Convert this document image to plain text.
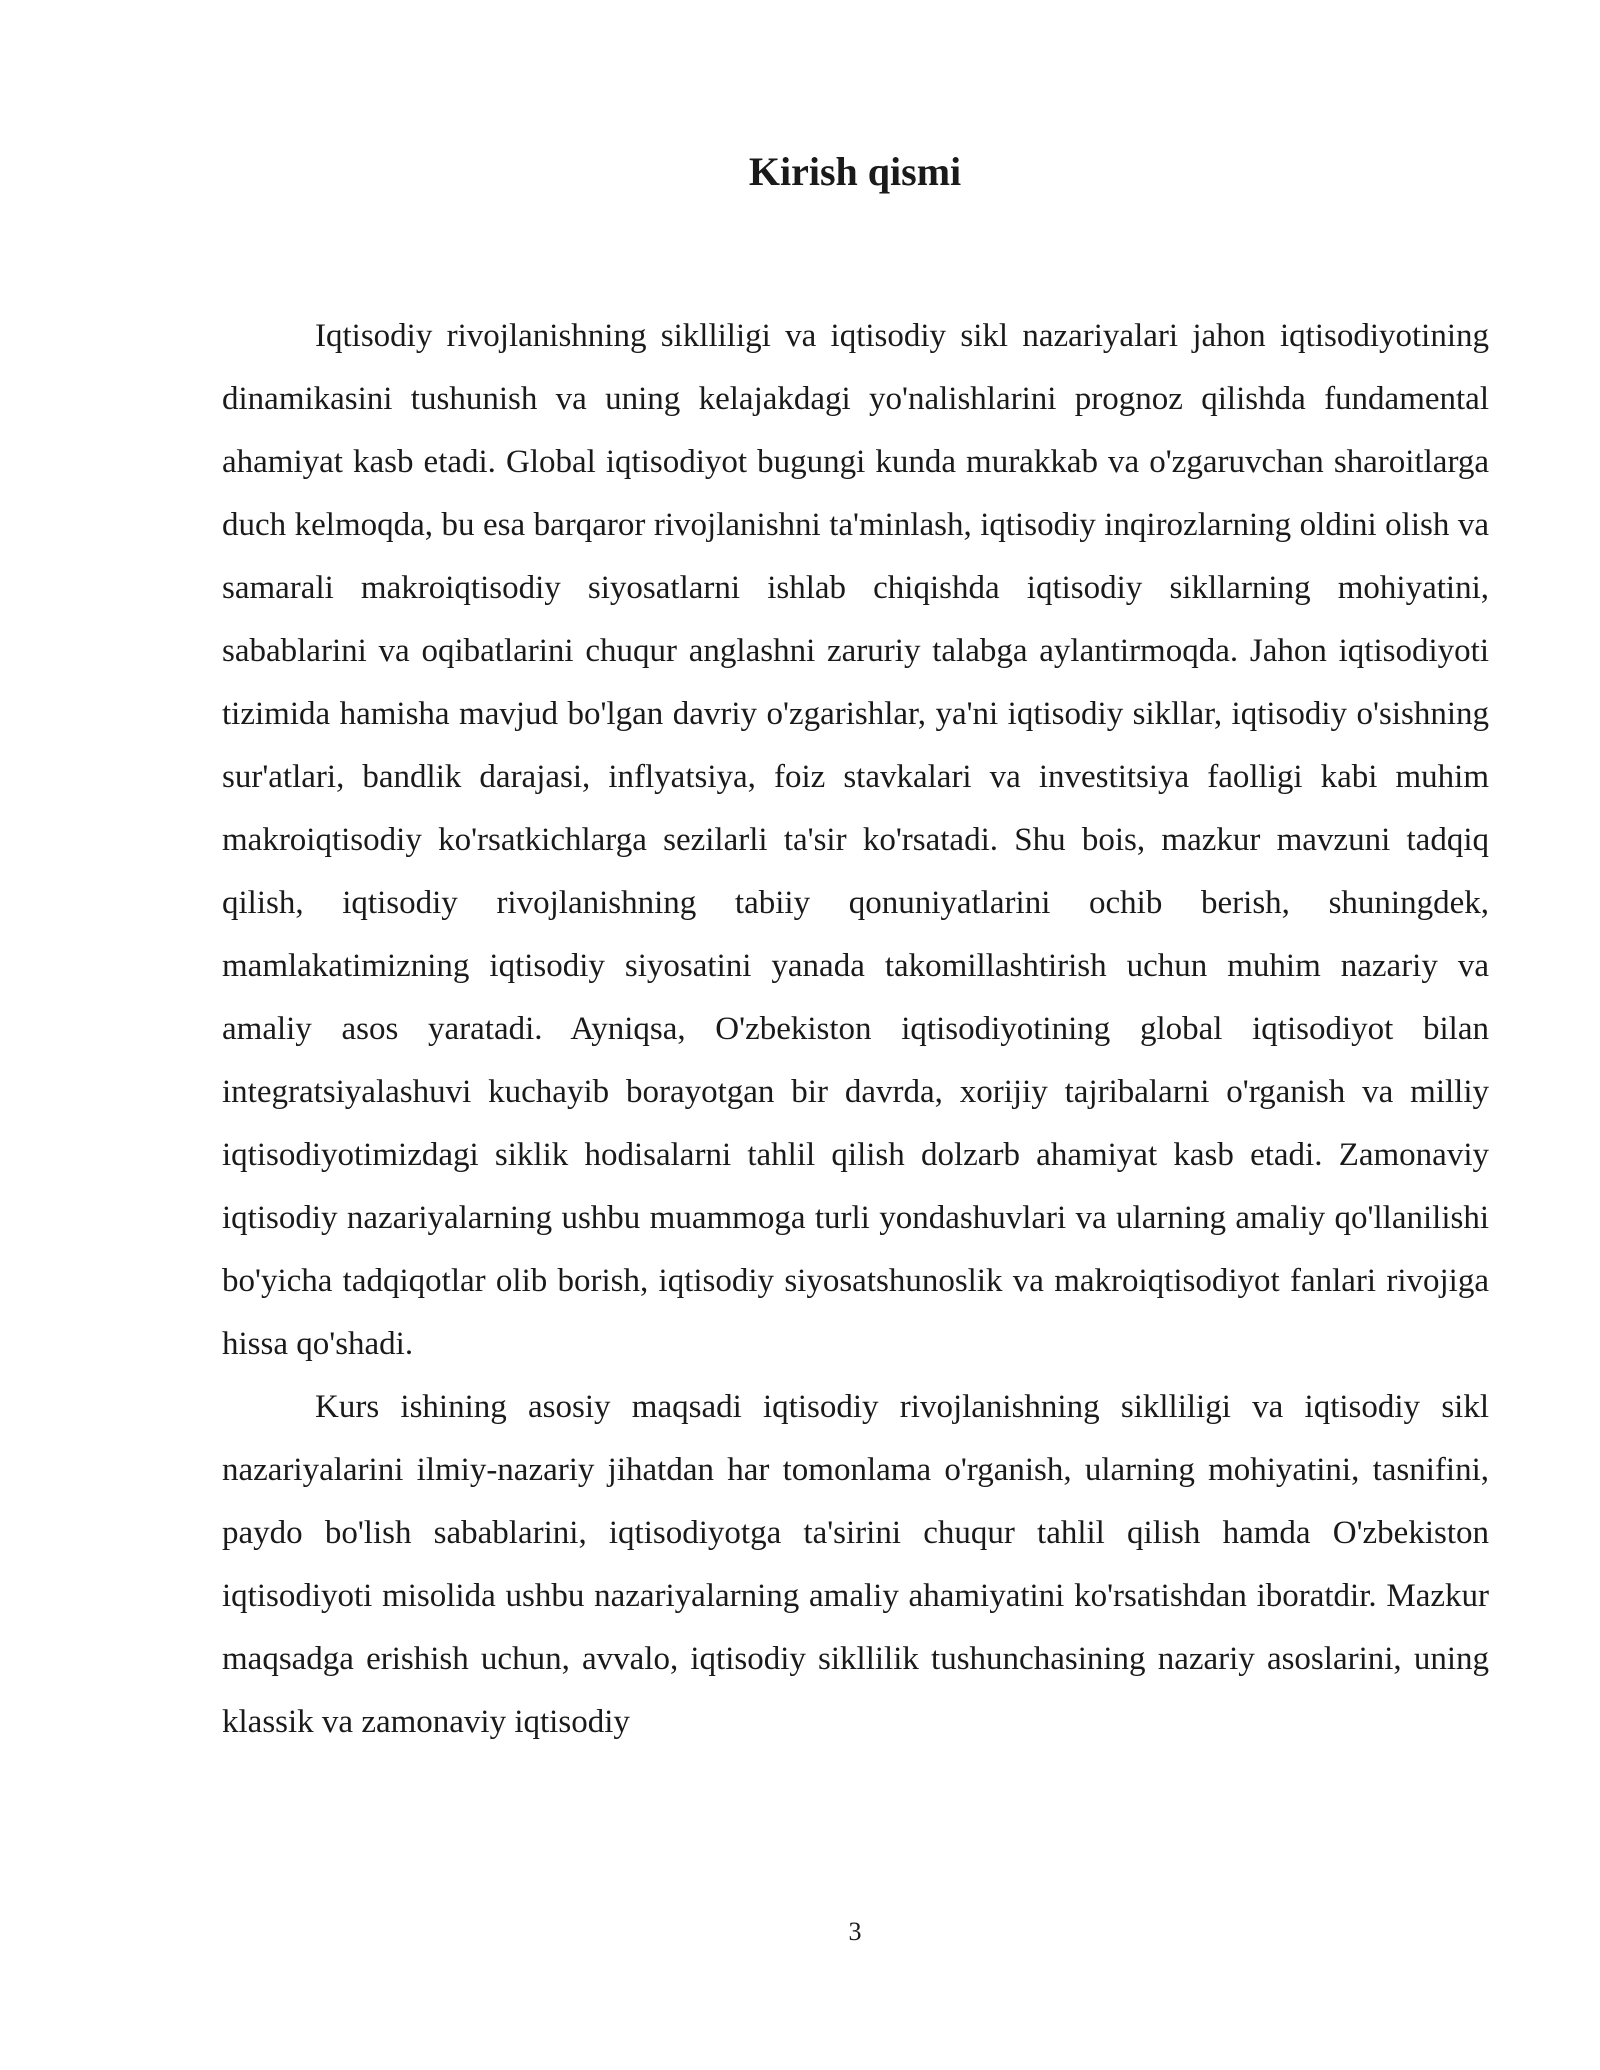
Kirish qismi

Iqtisodiy rivojlanishning siklliligi va iqtisodiy sikl nazariyalari jahon iqtisodiyotining dinamikasini tushunish va uning kelajakdagi yo'nalishlarini prognoz qilishda fundamental ahamiyat kasb etadi. Global iqtisodiyot bugungi kunda murakkab va o'zgaruvchan sharoitlarga duch kelmoqda, bu esa barqaror rivojlanishni ta'minlash, iqtisodiy inqirozlarning oldini olish va samarali makroiqtisodiy siyosatlarni ishlab chiqishda iqtisodiy sikllarning mohiyatini, sabablarini va oqibatlarini chuqur anglashni zaruriy talabga aylantirmoqda. Jahon iqtisodiyoti tizimida hamisha mavjud bo'lgan davriy o'zgarishlar, ya'ni iqtisodiy sikllar, iqtisodiy o'sishning sur'atlari, bandlik darajasi, inflyatsiya, foiz stavkalari va investitsiya faolligi kabi muhim makroiqtisodiy ko'rsatkichlarga sezilarli ta'sir ko'rsatadi. Shu bois, mazkur mavzuni tadqiq qilish, iqtisodiy rivojlanishning tabiiy qonuniyatlarini ochib berish, shuningdek, mamlakatimizning iqtisodiy siyosatini yanada takomillashtirish uchun muhim nazariy va amaliy asos yaratadi. Ayniqsa, O'zbekiston iqtisodiyotining global iqtisodiyot bilan integratsiyalashuvi kuchayib borayotgan bir davrda, xorijiy tajribalarni o'rganish va milliy iqtisodiyotimizdagi siklik hodisalarni tahlil qilish dolzarb ahamiyat kasb etadi. Zamonaviy iqtisodiy nazariyalarning ushbu muammoga turli yondashuvlari va ularning amaliy qo'llanilishi bo'yicha tadqiqotlar olib borish, iqtisodiy siyosatshunoslik va makroiqtisodiyot fanlari rivojiga hissa qo'shadi.

Kurs ishining asosiy maqsadi iqtisodiy rivojlanishning siklliligi va iqtisodiy sikl nazariyalarini ilmiy-nazariy jihatdan har tomonlama o'rganish, ularning mohiyatini, tasnifini, paydo bo'lish sabablarini, iqtisodiyotga ta'sirini chuqur tahlil qilish hamda O'zbekiston iqtisodiyoti misolida ushbu nazariyalarning amaliy ahamiyatini ko'rsatishdan iboratdir. Mazkur maqsadga erishish uchun, avvalo, iqtisodiy sikllilik tushunchasining nazariy asoslarini, uning klassik va zamonaviy iqtisodiy

3
